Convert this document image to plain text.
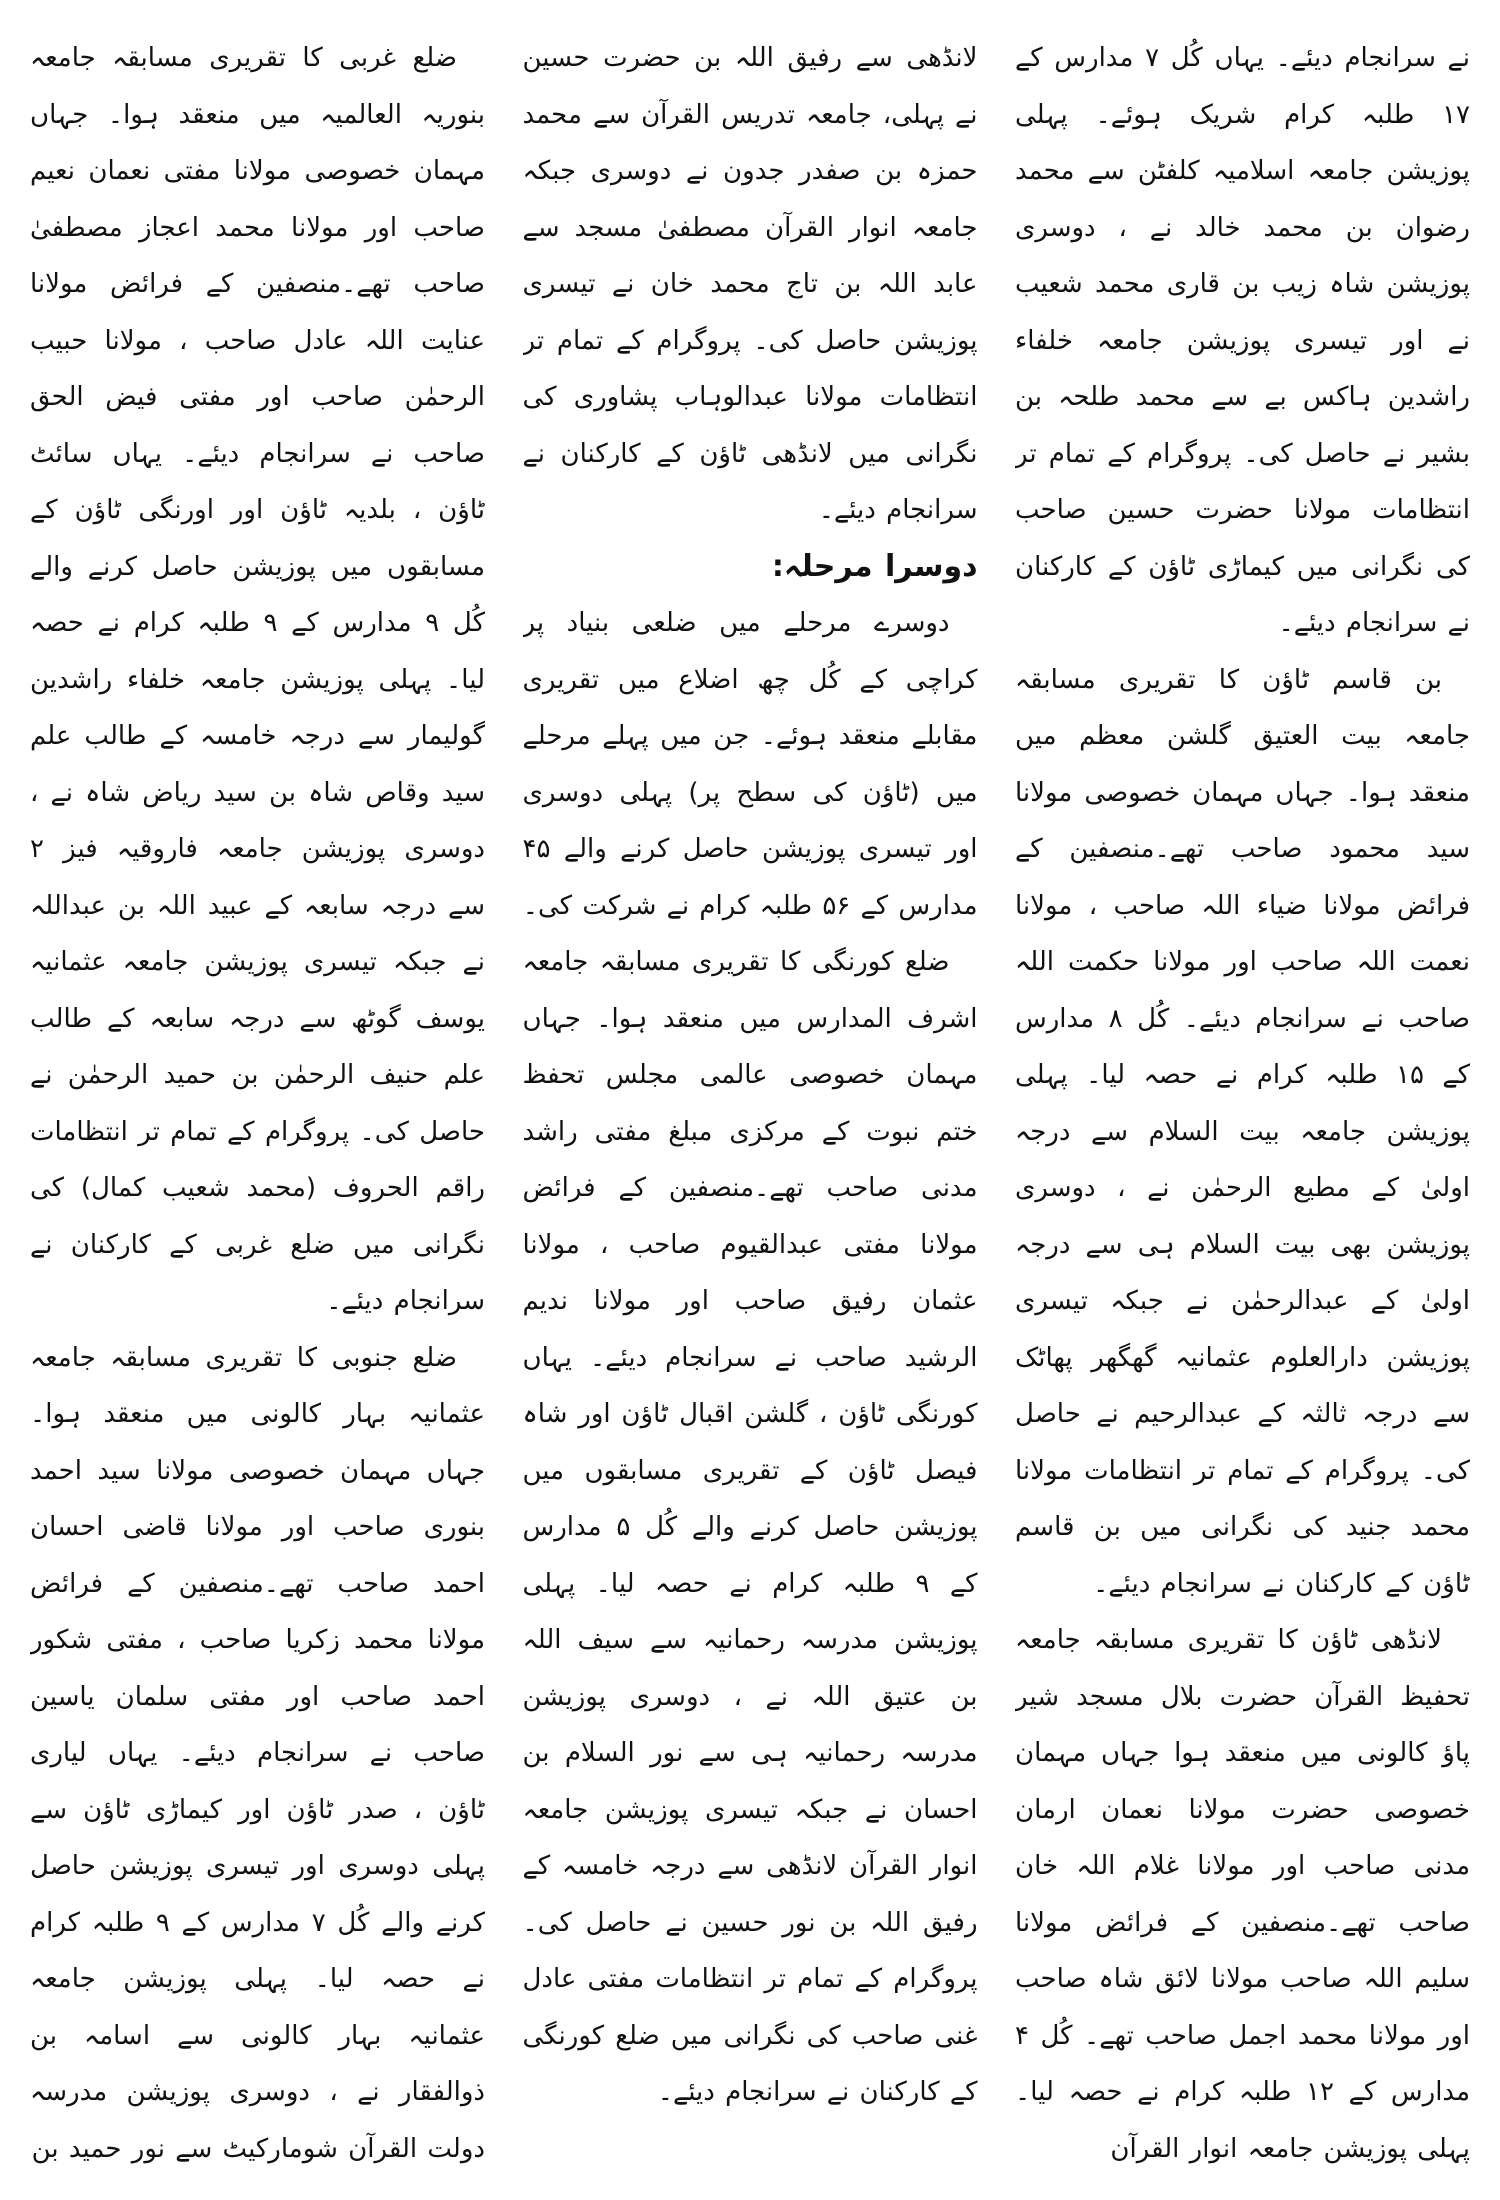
نے سرانجام دیئے۔ یہاں کُل ۷ مدارس کے ۱۷ طلبہ کرام شریک ہوئے۔ پہلی پوزیشن جامعہ اسلامیہ کلفٹن سے محمد رضوان بن محمد خالد نے ، دوسری پوزیشن شاہ زیب بن قاری محمد شعیب نے اور تیسری پوزیشن جامعہ خلفاء راشدین ہاکس بے سے محمد طلحہ بن بشیر نے حاصل کی۔ پروگرام کے تمام تر انتظامات مولانا حضرت حسین صاحب کی نگرانی میں کیماڑی ٹاؤن کے کارکنان نے سرانجام دیئے۔

بن قاسم ٹاؤن کا تقریری مسابقہ جامعہ بیت العتیق گلشن معظم میں منعقد ہوا۔ جہاں مہمان خصوصی مولانا سید محمود صاحب تھے۔منصفین کے فرائض مولانا ضیاء اللہ صاحب ، مولانا نعمت اللہ صاحب اور مولانا حکمت اللہ صاحب نے سرانجام دیئے۔ کُل ۸ مدارس کے ۱۵ طلبہ کرام نے حصہ لیا۔ پہلی پوزیشن جامعہ بیت السلام سے درجہ اولیٰ کے مطیع الرحمٰن نے ، دوسری پوزیشن بھی بیت السلام ہی سے درجہ اولیٰ کے عبدالرحمٰن نے جبکہ تیسری پوزیشن دارالعلوم عثمانیہ گھگھر پھاٹک سے درجہ ثالثہ کے عبدالرحیم نے حاصل کی۔ پروگرام کے تمام تر انتظامات مولانا محمد جنید کی نگرانی میں بن قاسم ٹاؤن کے کارکنان نے سرانجام دیئے۔

لانڈھی ٹاؤن کا تقریری مسابقہ جامعہ تحفیظ القرآن حضرت بلال مسجد شیر پاؤ کالونی میں منعقد ہوا جہاں مہمان خصوصی حضرت مولانا نعمان ارمان مدنی صاحب اور مولانا غلام اللہ خان صاحب تھے۔منصفین کے فرائض مولانا سلیم اللہ صاحب مولانا لائق شاہ صاحب اور مولانا محمد اجمل صاحب تھے۔ کُل ۴ مدارس کے ۱۲ طلبہ کرام نے حصہ لیا۔ پہلی پوزیشن جامعہ انوار القرآن

لانڈھی سے رفیق اللہ بن حضرت حسین نے پہلی، جامعہ تدریس القرآن سے محمد حمزہ بن صفدر جدون نے دوسری جبکہ جامعہ انوار القرآن مصطفیٰ مسجد سے عابد اللہ بن تاج محمد خان نے تیسری پوزیشن حاصل کی۔ پروگرام کے تمام تر انتظامات مولانا عبدالوہاب پشاوری کی نگرانی میں لانڈھی ٹاؤن کے کارکنان نے سرانجام دیئے۔

دوسرا مرحلہ:

دوسرے مرحلے میں ضلعی بنیاد پر کراچی کے کُل چھ اضلاع میں تقریری مقابلے منعقد ہوئے۔ جن میں پہلے مرحلے میں (ٹاؤن کی سطح پر) پہلی دوسری اور تیسری پوزیشن حاصل کرنے والے ۴۵ مدارس کے ۵۶ طلبہ کرام نے شرکت کی۔

ضلع کورنگی کا تقریری مسابقہ جامعہ اشرف المدارس میں منعقد ہوا۔ جہاں مہمان خصوصی عالمی مجلس تحفظ ختم نبوت کے مرکزی مبلغ مفتی راشد مدنی صاحب تھے۔منصفین کے فرائض مولانا مفتی عبدالقیوم صاحب ، مولانا عثمان رفیق صاحب اور مولانا ندیم الرشید صاحب نے سرانجام دیئے۔ یہاں کورنگی ٹاؤن ، گلشن اقبال ٹاؤن اور شاہ فیصل ٹاؤن کے تقریری مسابقوں میں پوزیشن حاصل کرنے والے کُل ۵ مدارس کے ۹ طلبہ کرام نے حصہ لیا۔ پہلی پوزیشن مدرسہ رحمانیہ سے سیف اللہ بن عتیق اللہ نے ، دوسری پوزیشن مدرسہ رحمانیہ ہی سے نور السلام بن احسان نے جبکہ تیسری پوزیشن جامعہ انوار القرآن لانڈھی سے درجہ خامسہ کے رفیق اللہ بن نور حسین نے حاصل کی۔ پروگرام کے تمام تر انتظامات مفتی عادل غنی صاحب کی نگرانی میں ضلع کورنگی کے کارکنان نے سرانجام دیئے۔

ضلع غربی کا تقریری مسابقہ جامعہ بنوریہ العالمیہ میں منعقد ہوا۔ جہاں مہمان خصوصی مولانا مفتی نعمان نعیم صاحب اور مولانا محمد اعجاز مصطفیٰ صاحب تھے۔منصفین کے فرائض مولانا عنایت اللہ عادل صاحب ، مولانا حبیب الرحمٰن صاحب اور مفتی فیض الحق صاحب نے سرانجام دیئے۔ یہاں سائٹ ٹاؤن ، بلدیہ ٹاؤن اور اورنگی ٹاؤن کے مسابقوں میں پوزیشن حاصل کرنے والے کُل ۹ مدارس کے ۹ طلبہ کرام نے حصہ لیا۔ پہلی پوزیشن جامعہ خلفاء راشدین گولیمار سے درجہ خامسہ کے طالب علم سید وقاص شاہ بن سید ریاض شاہ نے ، دوسری پوزیشن جامعہ فاروقیہ فیز ۲ سے درجہ سابعہ کے عبید اللہ بن عبداللہ نے جبکہ تیسری پوزیشن جامعہ عثمانیہ یوسف گوٹھ سے درجہ سابعہ کے طالب علم حنیف الرحمٰن بن حمید الرحمٰن نے حاصل کی۔ پروگرام کے تمام تر انتظامات راقم الحروف (محمد شعیب کمال) کی نگرانی میں ضلع غربی کے کارکنان نے سرانجام دیئے۔

ضلع جنوبی کا تقریری مسابقہ جامعہ عثمانیہ بہار کالونی میں منعقد ہوا۔ جہاں مہمان خصوصی مولانا سید احمد بنوری صاحب اور مولانا قاضی احسان احمد صاحب تھے۔منصفین کے فرائض مولانا محمد زکریا صاحب ، مفتی شکور احمد صاحب اور مفتی سلمان یاسین صاحب نے سرانجام دیئے۔ یہاں لیاری ٹاؤن ، صدر ٹاؤن اور کیماڑی ٹاؤن سے پہلی دوسری اور تیسری پوزیشن حاصل کرنے والے کُل ۷ مدارس کے ۹ طلبہ کرام نے حصہ لیا۔ پہلی پوزیشن جامعہ عثمانیہ بہار کالونی سے اسامہ بن ذوالفقار نے ، دوسری پوزیشن مدرسہ دولت القرآن شومارکیٹ سے نور حمید بن
